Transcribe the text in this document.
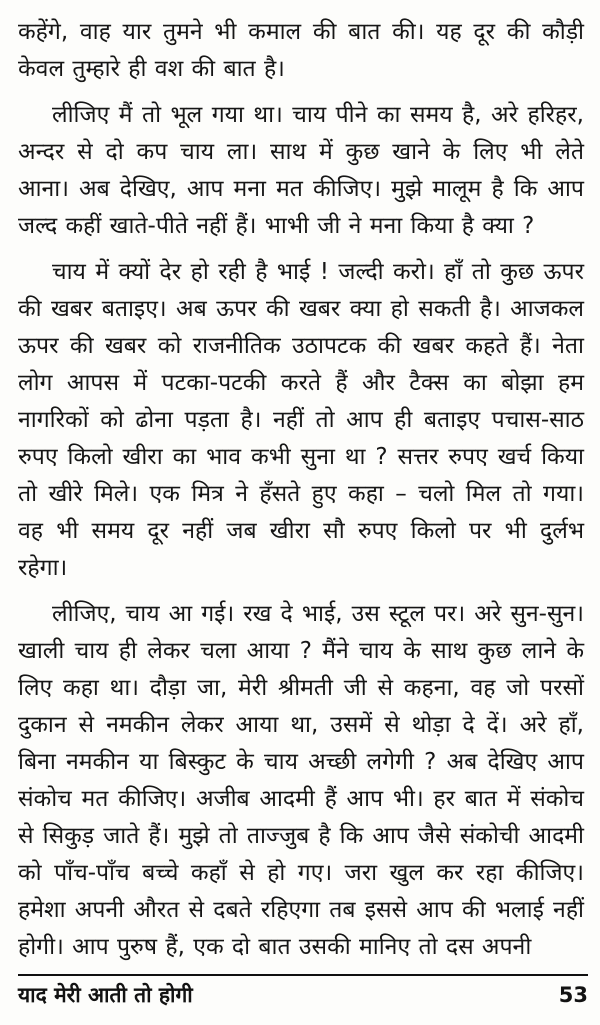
कहेंगे, वाह यार तुमने भी कमाल की बात की। यह दूर की कौड़ी
केवल तुम्हारे ही वश की बात है।
लीजिए मैं तो भूल गया था। चाय पीने का समय है, अरे हरिहर,
अन्दर से दो कप चाय ला। साथ में कुछ खाने के लिए भी लेते
आना। अब देखिए, आप मना मत कीजिए। मुझे मालूम है कि आप
जल्द कहीं खाते-पीते नहीं हैं। भाभी जी ने मना किया है क्या ?
चाय में क्यों देर हो रही है भाई ! जल्दी करो। हाँ तो कुछ ऊपर
की खबर बताइए। अब ऊपर की खबर क्या हो सकती है। आजकल
ऊपर की खबर को राजनीतिक उठापटक की खबर कहते हैं। नेता
लोग आपस में पटका-पटकी करते हैं और टैक्स का बोझा हम
नागरिकों को ढोना पड़ता है। नहीं तो आप ही बताइए पचास-साठ
रुपए किलो खीरा का भाव कभी सुना था ? सत्तर रुपए खर्च किया
तो खीरे मिले। एक मित्र ने हँसते हुए कहा – चलो मिल तो गया।
वह भी समय दूर नहीं जब खीरा सौ रुपए किलो पर भी दुर्लभ
रहेगा।
लीजिए, चाय आ गई। रख दे भाई, उस स्टूल पर। अरे सुन-सुन।
खाली चाय ही लेकर चला आया ? मैंने चाय के साथ कुछ लाने के
लिए कहा था। दौड़ा जा, मेरी श्रीमती जी से कहना, वह जो परसों
दुकान से नमकीन लेकर आया था, उसमें से थोड़ा दे दें। अरे हाँ,
बिना नमकीन या बिस्कुट के चाय अच्छी लगेगी ? अब देखिए आप
संकोच मत कीजिए। अजीब आदमी हैं आप भी। हर बात में संकोच
से सिकुड़ जाते हैं। मुझे तो ताज्जुब है कि आप जैसे संकोची आदमी
को पाँच-पाँच बच्चे कहाँ से हो गए। जरा खुल कर रहा कीजिए।
हमेशा अपनी औरत से दबते रहिएगा तब इससे आप की भलाई नहीं
होगी। आप पुरुष हैं, एक दो बात उसकी मानिए तो दस अपनी
याद मेरी आती तो होगी	53
